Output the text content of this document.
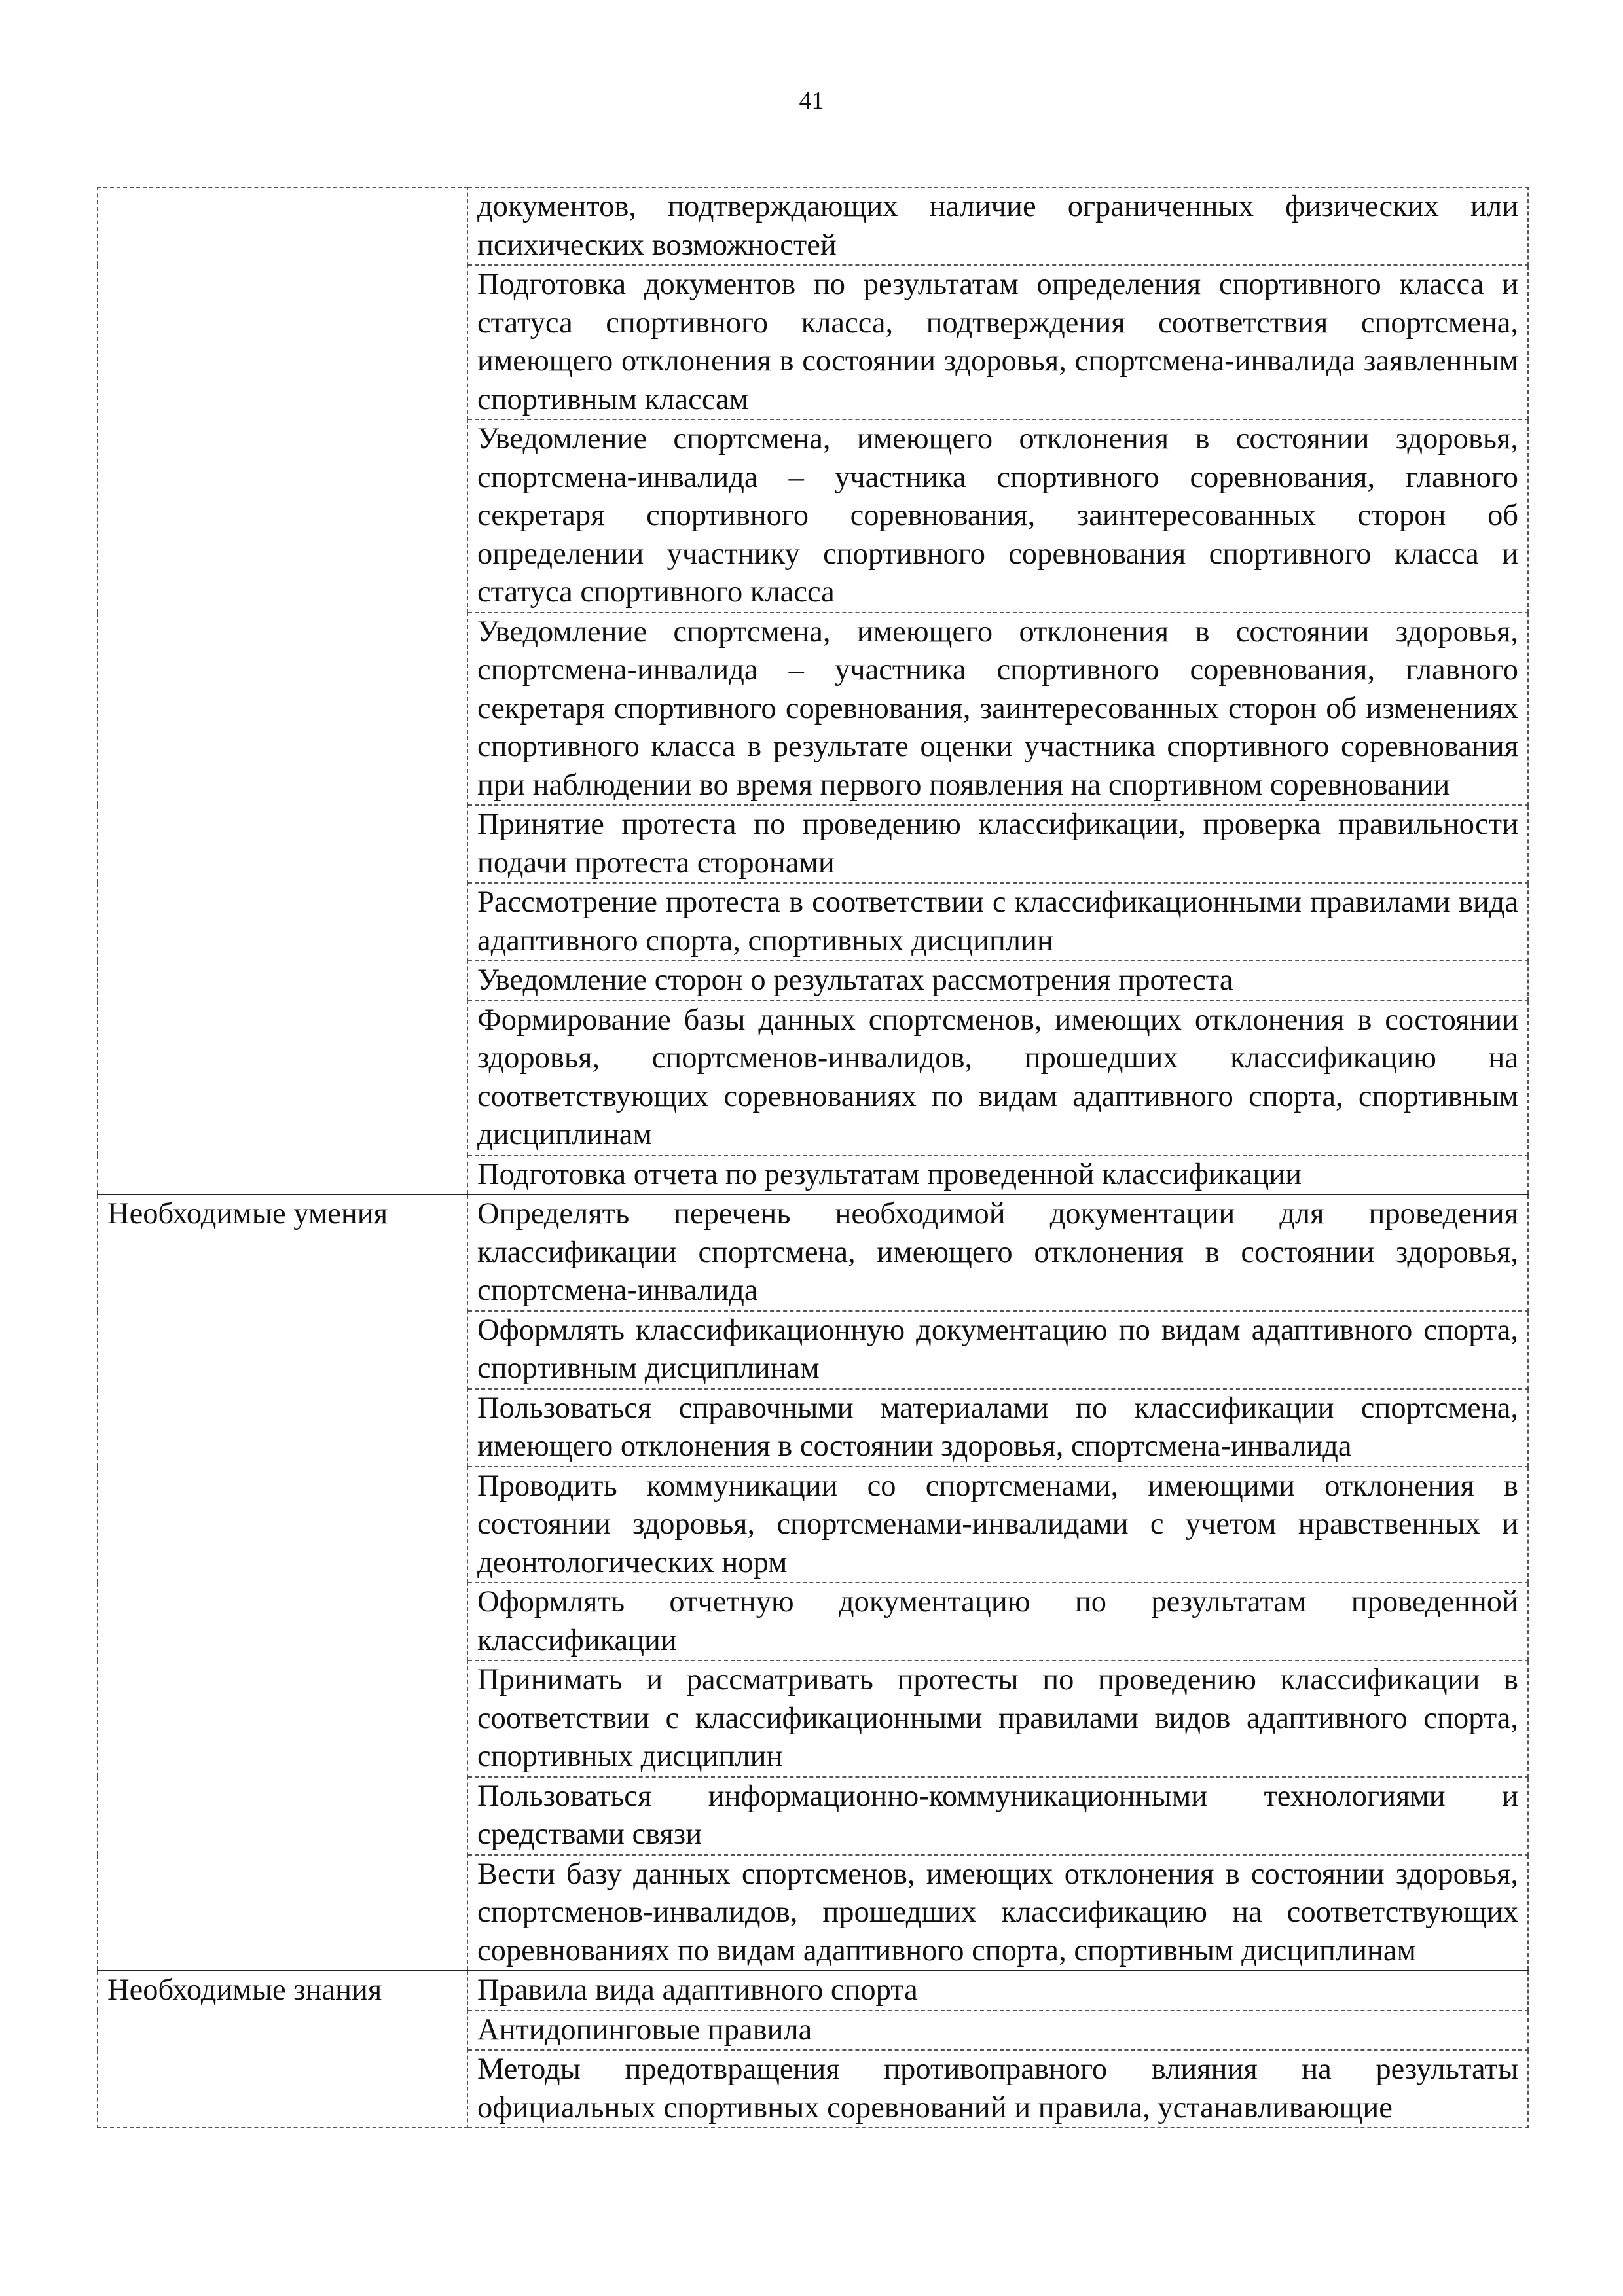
41
	документов, подтверждающих наличие ограниченных физических или психических возможностей
	Подготовка документов по результатам определения спортивного класса и статуса спортивного класса, подтверждения соответствия спортсмена, имеющего отклонения в состоянии здоровья, спортсмена-инвалида заявленным спортивным классам
	Уведомление спортсмена, имеющего отклонения в состоянии здоровья, спортсмена-инвалида – участника спортивного соревнования, главного секретаря спортивного соревнования, заинтересованных сторон об определении участнику спортивного соревнования спортивного класса и статуса спортивного класса
	Уведомление спортсмена, имеющего отклонения в состоянии здоровья, спортсмена-инвалида – участника спортивного соревнования, главного секретаря спортивного соревнования, заинтересованных сторон об изменениях спортивного класса в результате оценки участника спортивного соревнования при наблюдении во время первого появления на спортивном соревновании
	Принятие протеста по проведению классификации, проверка правильности подачи протеста сторонами
	Рассмотрение протеста в соответствии с классификационными правилами вида адаптивного спорта, спортивных дисциплин
	Уведомление сторон о результатах рассмотрения протеста
	Формирование базы данных спортсменов, имеющих отклонения в состоянии здоровья, спортсменов-инвалидов, прошедших классификацию на соответствующих соревнованиях по видам адаптивного спорта, спортивным дисциплинам
	Подготовка отчета по результатам проведенной классификации
Необходимые умения	Определять перечень необходимой документации для проведения классификации спортсмена, имеющего отклонения в состоянии здоровья, спортсмена-инвалида
	Оформлять классификационную документацию по видам адаптивного спорта, спортивным дисциплинам
	Пользоваться справочными материалами по классификации спортсмена, имеющего отклонения в состоянии здоровья, спортсмена-инвалида
	Проводить коммуникации со спортсменами, имеющими отклонения в состоянии здоровья, спортсменами-инвалидами с учетом нравственных и деонтологических норм
	Оформлять отчетную документацию по результатам проведенной классификации
	Принимать и рассматривать протесты по проведению классификации в соответствии с классификационными правилами видов адаптивного спорта, спортивных дисциплин
	Пользоваться информационно-коммуникационными технологиями и средствами связи
	Вести базу данных спортсменов, имеющих отклонения в состоянии здоровья, спортсменов-инвалидов, прошедших классификацию на соответствующих соревнованиях по видам адаптивного спорта, спортивным дисциплинам
Необходимые знания	Правила вида адаптивного спорта
	Антидопинговые правила
	Методы предотвращения противоправного влияния на результаты официальных спортивных соревнований и правила, устанавливающие
